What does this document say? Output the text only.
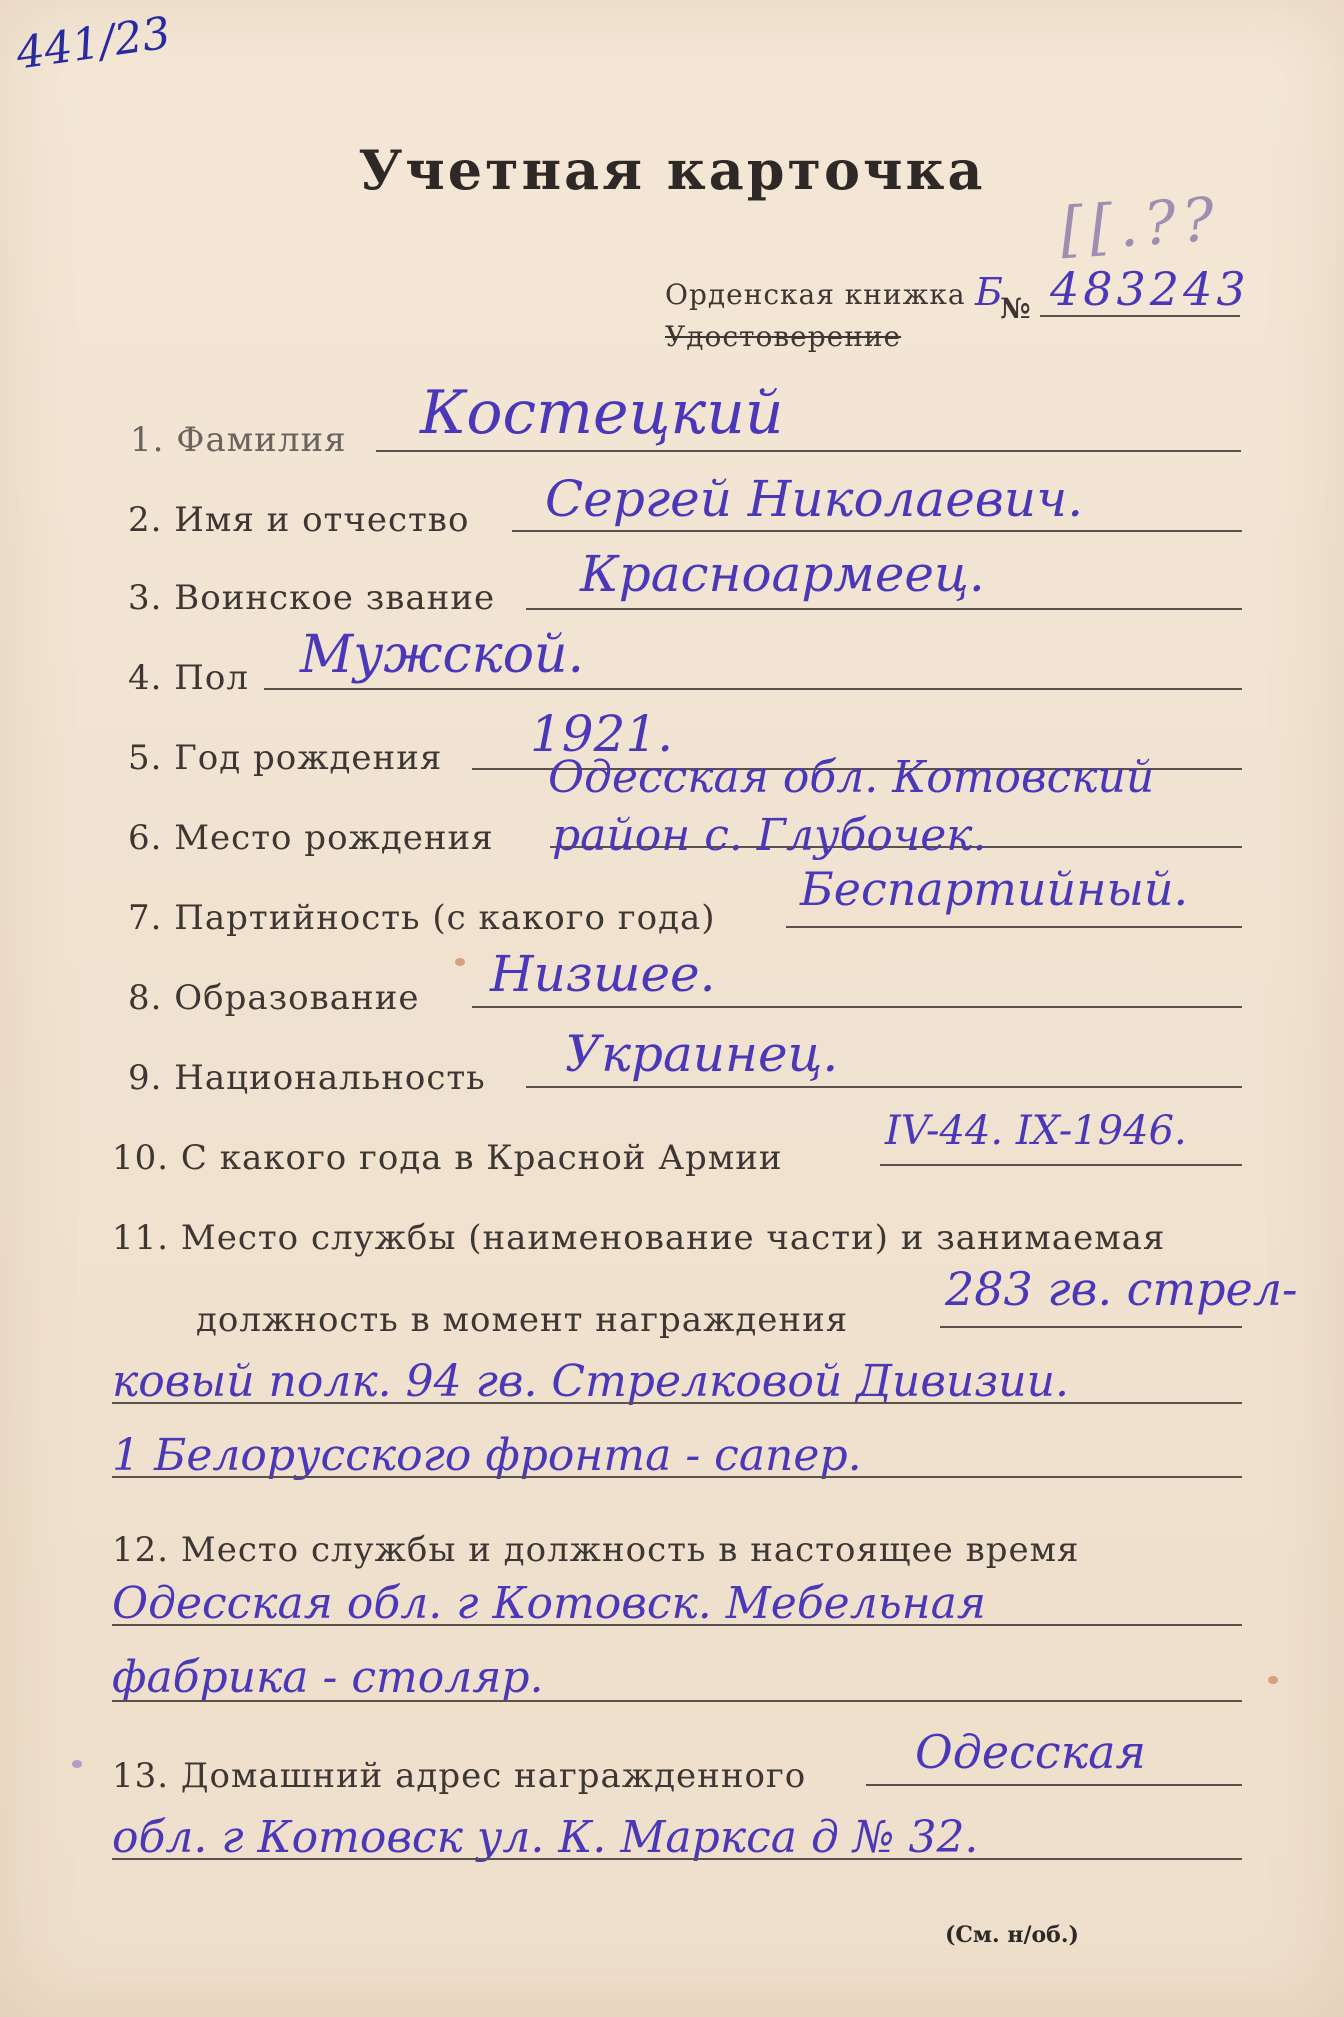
441/23
Учетная карточка
[[.??
Орденская книжка
Удостоверение
Б
№ 483243
1. Фамилия Костецкий
2. Имя и отчество Сергей Николаевич.
3. Воинское звание Красноармеец.
4. Пол Мужской.
5. Год рождения 1921.
Одесская обл. Котовский
6. Место рождения район с. Глубочек.
7. Партийность (с какого года)
Беспартийный.
8. Образование Низшее.
9. Национальность Украинец.
10. С какого года в Красной Армии
IV-44. IX-1946.
11. Место службы (наименование части) и занимаемая
должность в момент награждения
283 гв. стрел-
ковый полк. 94 гв. Стрелковой Дивизии.
1 Белорусского фронта - сапер.
12. Место службы и должность в настоящее время
Одесская обл. г Котовск. Мебельная
фабрика - столяр.
13. Домашний адрес награжденного Одесская
обл. г Котовск ул. К. Маркса д № 32.
(См. н/об.)
